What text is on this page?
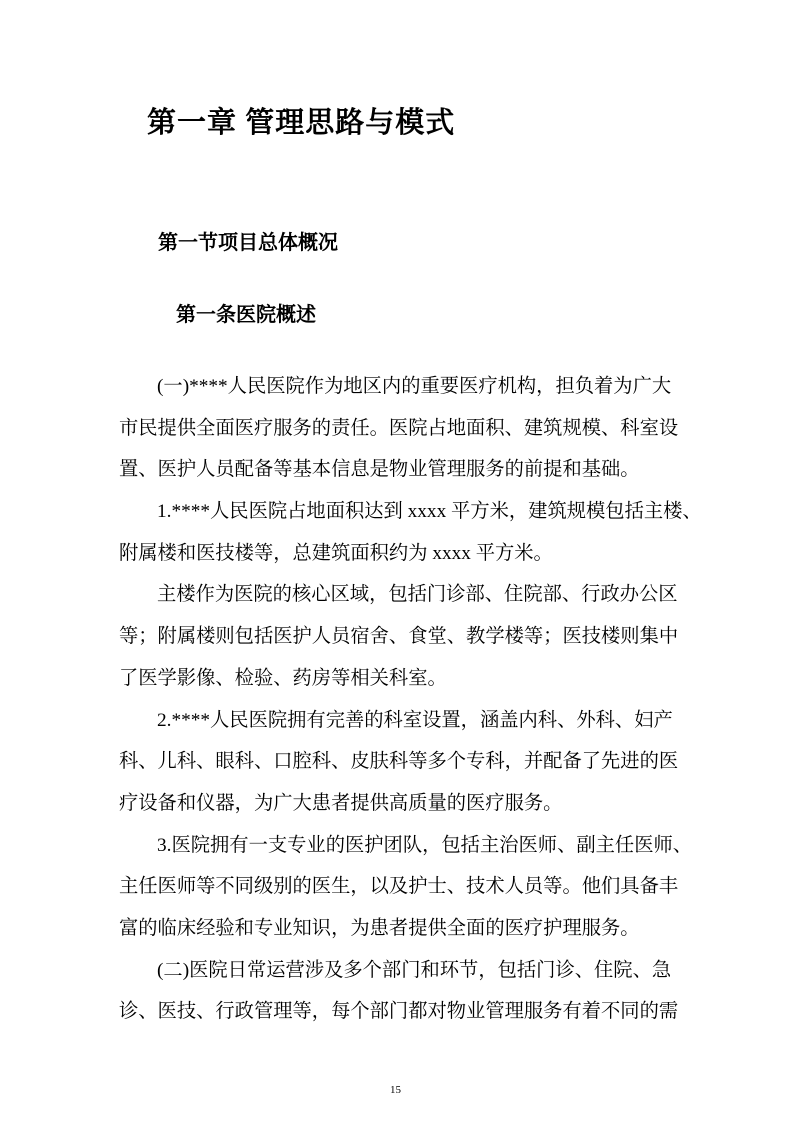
第一章 管理思路与模式
第一节项目总体概况
第一条医院概述
(一)****人民医院作为地区内的重要医疗机构，担负着为广大
市民提供全面医疗服务的责任。医院占地面积、建筑规模、科室设
置、医护人员配备等基本信息是物业管理服务的前提和基础。
1.****人民医院占地面积达到 xxxx 平方米，建筑规模包括主楼、
附属楼和医技楼等，总建筑面积约为 xxxx 平方米。
主楼作为医院的核心区域，包括门诊部、住院部、行政办公区
等；附属楼则包括医护人员宿舍、食堂、教学楼等；医技楼则集中
了医学影像、检验、药房等相关科室。
2.****人民医院拥有完善的科室设置，涵盖内科、外科、妇产
科、儿科、眼科、口腔科、皮肤科等多个专科，并配备了先进的医
疗设备和仪器，为广大患者提供高质量的医疗服务。
3.医院拥有一支专业的医护团队，包括主治医师、副主任医师、
主任医师等不同级别的医生，以及护士、技术人员等。他们具备丰
富的临床经验和专业知识，为患者提供全面的医疗护理服务。
(二)医院日常运营涉及多个部门和环节，包括门诊、住院、急
诊、医技、行政管理等，每个部门都对物业管理服务有着不同的需
15
